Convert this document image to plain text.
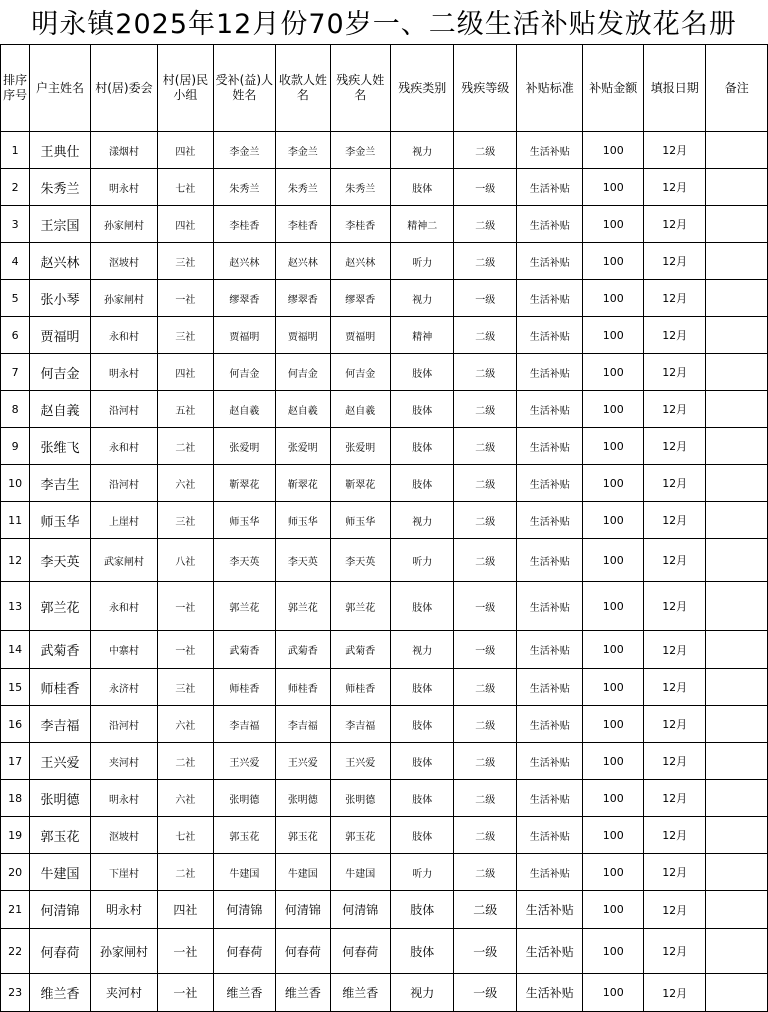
明永镇2025年12月份70岁一、二级生活补贴发放花名册
排序序号	户主姓名	村(居)委会	村(居)民小组	受补(益)人姓名	收款人姓名	残疾人姓名	残疾类别	残疾等级	补贴标准	补贴金额	填报日期	备注
1	王典仕	漾烟村	四社	李金兰	李金兰	李金兰	视力	二级	生活补贴	100	12月	
2	朱秀兰	明永村	七社	朱秀兰	朱秀兰	朱秀兰	肢体	一级	生活补贴	100	12月	
3	王宗国	孙家闸村	四社	李桂香	李桂香	李桂香	精神二	二级	生活补贴	100	12月	
4	赵兴林	沤坡村	三社	赵兴林	赵兴林	赵兴林	听力	二级	生活补贴	100	12月	
5	张小琴	孙家闸村	一社	缪翠香	缪翠香	缪翠香	视力	一级	生活补贴	100	12月	
6	贾福明	永和村	三社	贾福明	贾福明	贾福明	精神	二级	生活补贴	100	12月	
7	何吉金	明永村	四社	何吉金	何吉金	何吉金	肢体	二级	生活补贴	100	12月	
8	赵自義	沿河村	五社	赵自羲	赵自羲	赵自羲	肢体	二级	生活补贴	100	12月	
9	张维飞	永和村	二社	张爱明	张爱明	张爱明	肢体	二级	生活补贴	100	12月	
10	李吉生	沿河村	六社	靳翠花	靳翠花	靳翠花	肢体	二级	生活补贴	100	12月	
11	师玉华	上崖村	三社	师玉华	师玉华	师玉华	视力	二级	生活补贴	100	12月	
12	李天英	武家闸村	八社	李天英	李天英	李天英	听力	二级	生活补贴	100	12月	
13	郭兰花	永和村	一社	郭兰花	郭兰花	郭兰花	肢体	一级	生活补贴	100	12月	
14	武菊香	中寨村	一社	武菊香	武菊香	武菊香	视力	一级	生活补贴	100	12月	
15	师桂香	永济村	三社	师桂香	师桂香	师桂香	肢体	二级	生活补贴	100	12月	
16	李吉福	沿河村	六社	李吉福	李吉福	李吉福	肢体	二级	生活补贴	100	12月	
17	王兴爱	夹河村	二社	王兴爱	王兴爱	王兴爱	肢体	二级	生活补贴	100	12月	
18	张明德	明永村	六社	张明德	张明德	张明德	肢体	二级	生活补贴	100	12月	
19	郭玉花	沤坡村	七社	郭玉花	郭玉花	郭玉花	肢体	二级	生活补贴	100	12月	
20	牛建国	下崖村	二社	牛建国	牛建国	牛建国	听力	二级	生活补贴	100	12月	
21	何清锦	明永村	四社	何清锦	何清锦	何清锦	肢体	二级	生活补贴	100	12月	
22	何春荷	孙家闸村	一社	何春荷	何春荷	何春荷	肢体	一级	生活补贴	100	12月	
23	维兰香	夹河村	一社	维兰香	维兰香	维兰香	视力	一级	生活补贴	100	12月	
